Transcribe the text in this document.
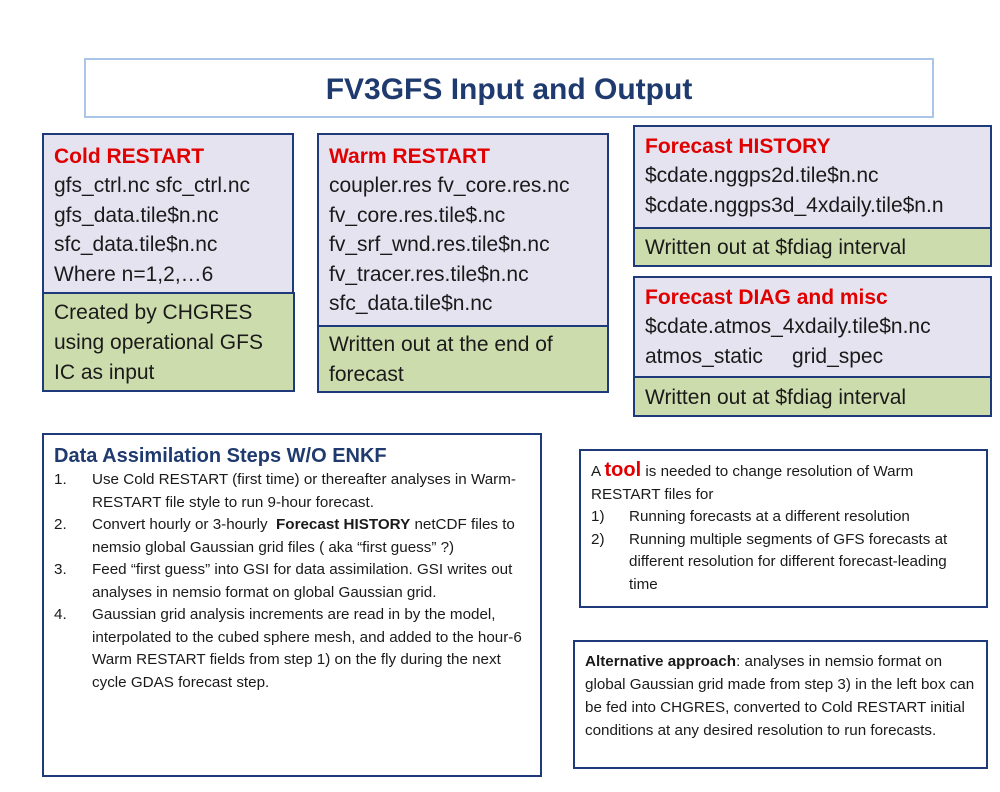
FV3GFS Input and Output
Cold RESTART
gfs_ctrl.nc sfc_ctrl.nc
gfs_data.tile$n.nc
sfc_data.tile$n.nc
Where n=1,2,…6
Created by CHGRES
using operational GFS
IC as input
Warm RESTART
coupler.res fv_core.res.nc
fv_core.res.tile$.nc
fv_srf_wnd.res.tile$n.nc
fv_tracer.res.tile$n.nc
sfc_data.tile$n.nc
Written out at the end of
forecast
Forecast HISTORY
$cdate.nggps2d.tile$n.nc
$cdate.nggps3d_4xdaily.tile$n.n
Written out at $fdiag interval
Forecast DIAG and misc
$cdate.atmos_4xdaily.tile$n.nc
atmos_static     grid_spec
Written out at $fdiag interval
Data Assimilation Steps W/O ENKF
1. Use Cold RESTART (first time) or thereafter analyses in Warm-RESTART file style to run 9-hour forecast.
2. Convert hourly or 3-hourly  Forecast HISTORY netCDF files to nemsio global Gaussian grid files ( aka “first guess” ?)
3. Feed “first guess” into GSI for data assimilation. GSI writes out analyses in nemsio format on global Gaussian grid.
4. Gaussian grid analysis increments are read in by the model, interpolated to the cubed sphere mesh, and added to the hour-6 Warm RESTART fields from step 1) on the fly during the next cycle GDAS forecast step.
A tool is needed to change resolution of Warm RESTART files for
1) Running forecasts at a different resolution
2) Running multiple segments of GFS forecasts at different resolution for different forecast-leading time
Alternative approach: analyses in nemsio format on global Gaussian grid made from step 3) in the left box can be fed into CHGRES, converted to Cold RESTART initial conditions at any desired resolution to run forecasts.
